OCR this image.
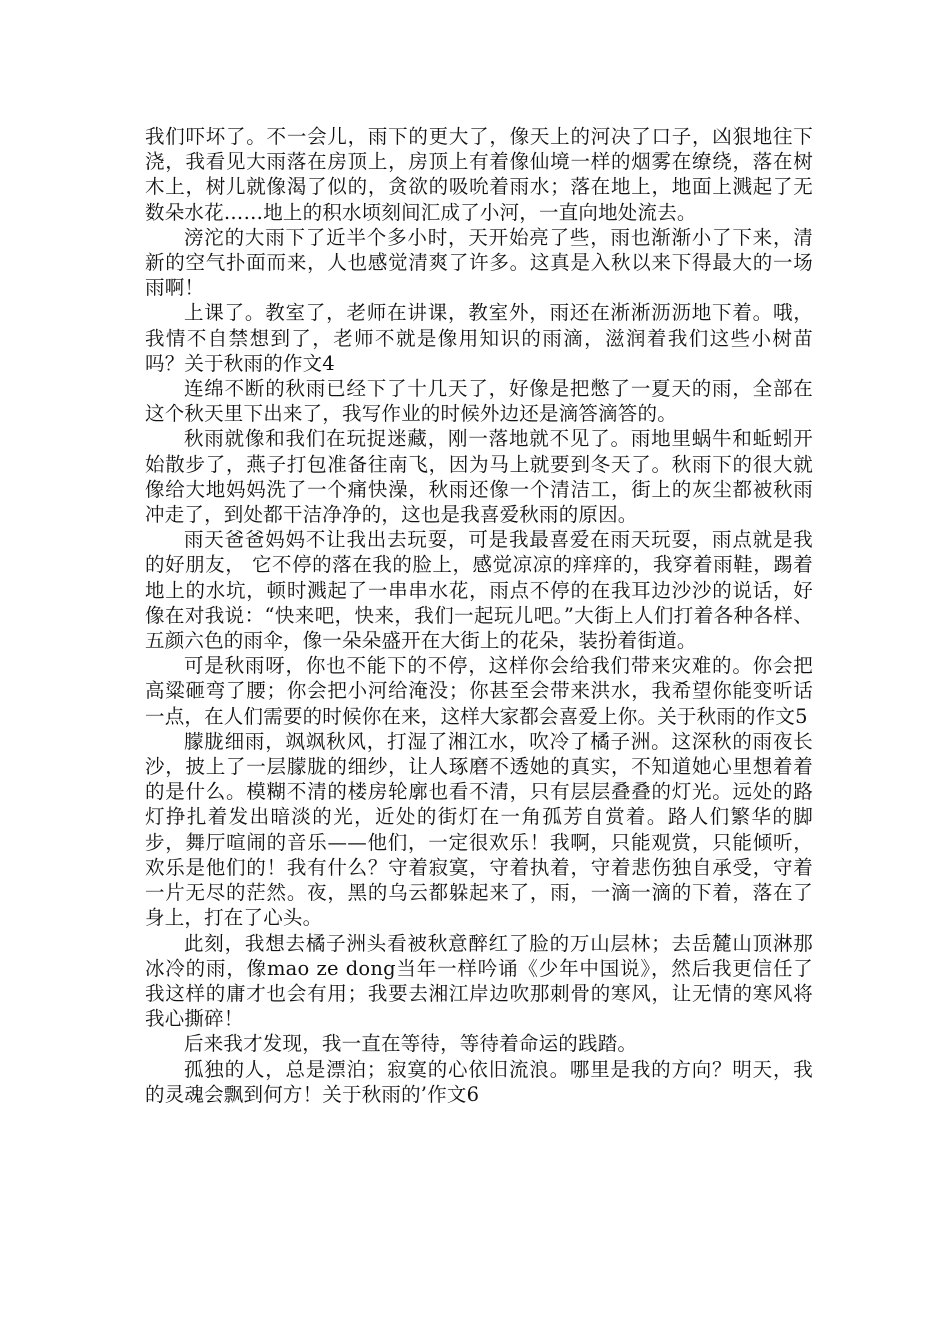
我们吓坏了。不一会儿，雨下的更大了，像天上的河决了口子，凶狠地往下浇，我看见大雨落在房顶上，房顶上有着像仙境一样的烟雾在缭绕，落在树木上，树儿就像渴了似的，贪欲的吸吮着雨水；落在地上，地面上溅起了无数朵水花……地上的积水顷刻间汇成了小河，一直向地处流去。

滂沱的大雨下了近半个多小时，天开始亮了些，雨也渐渐小了下来，清新的空气扑面而来，人也感觉清爽了许多。这真是入秋以来下得最大的一场雨啊！

上课了。教室了，老师在讲课，教室外，雨还在淅淅沥沥地下着。哦，我情不自禁想到了，老师不就是像用知识的雨滴，滋润着我们这些小树苗吗？关于秋雨的作文4

连绵不断的秋雨已经下了十几天了，好像是把憋了一夏天的雨，全部在这个秋天里下出来了，我写作业的时候外边还是滴答滴答的。

秋雨就像和我们在玩捉迷藏，刚一落地就不见了。雨地里蜗牛和蚯蚓开始散步了，燕子打包准备往南飞，因为马上就要到冬天了。秋雨下的很大就像给大地妈妈洗了一个痛快澡，秋雨还像一个清洁工，街上的灰尘都被秋雨冲走了，到处都干洁净净的，这也是我喜爱秋雨的原因。

雨天爸爸妈妈不让我出去玩耍，可是我最喜爱在雨天玩耍，雨点就是我的好朋友， 它不停的落在我的脸上，感觉凉凉的痒痒的，我穿着雨鞋，踢着地上的水坑，顿时溅起了一串串水花，雨点不停的在我耳边沙沙的说话，好像在对我说：“快来吧，快来，我们一起玩儿吧。”大街上人们打着各种各样、五颜六色的雨伞，像一朵朵盛开在大街上的花朵，装扮着街道。

可是秋雨呀，你也不能下的不停，这样你会给我们带来灾难的。你会把高粱砸弯了腰；你会把小河给淹没；你甚至会带来洪水，我希望你能变听话一点，在人们需要的时候你在来，这样大家都会喜爱上你。关于秋雨的作文5

朦胧细雨，飒飒秋风，打湿了湘江水，吹冷了橘子洲。这深秋的雨夜长沙，披上了一层朦胧的细纱，让人琢磨不透她的真实，不知道她心里想着着的是什么。模糊不清的楼房轮廓也看不清，只有层层叠叠的灯光。远处的路灯挣扎着发出暗淡的光，近处的街灯在一角孤芳自赏着。路人们繁华的脚步，舞厅喧闹的音乐——他们，一定很欢乐！我啊，只能观赏，只能倾听，欢乐是他们的！我有什么？守着寂寞，守着执着，守着悲伤独自承受，守着一片无尽的茫然。夜，黑的乌云都躲起来了，雨，一滴一滴的下着，落在了身上，打在了心头。

此刻，我想去橘子洲头看被秋意醉红了脸的万山层林；去岳麓山顶淋那冰冷的雨，像mao ze dong当年一样吟诵《少年中国说》，然后我更信任了我这样的庸才也会有用；我要去湘江岸边吹那刺骨的寒风，让无情的寒风将我心撕碎！

后来我才发现，我一直在等待，等待着命运的践踏。

孤独的人，总是漂泊；寂寞的心依旧流浪。哪里是我的方向？明天，我的灵魂会飘到何方！关于秋雨的’作文6
